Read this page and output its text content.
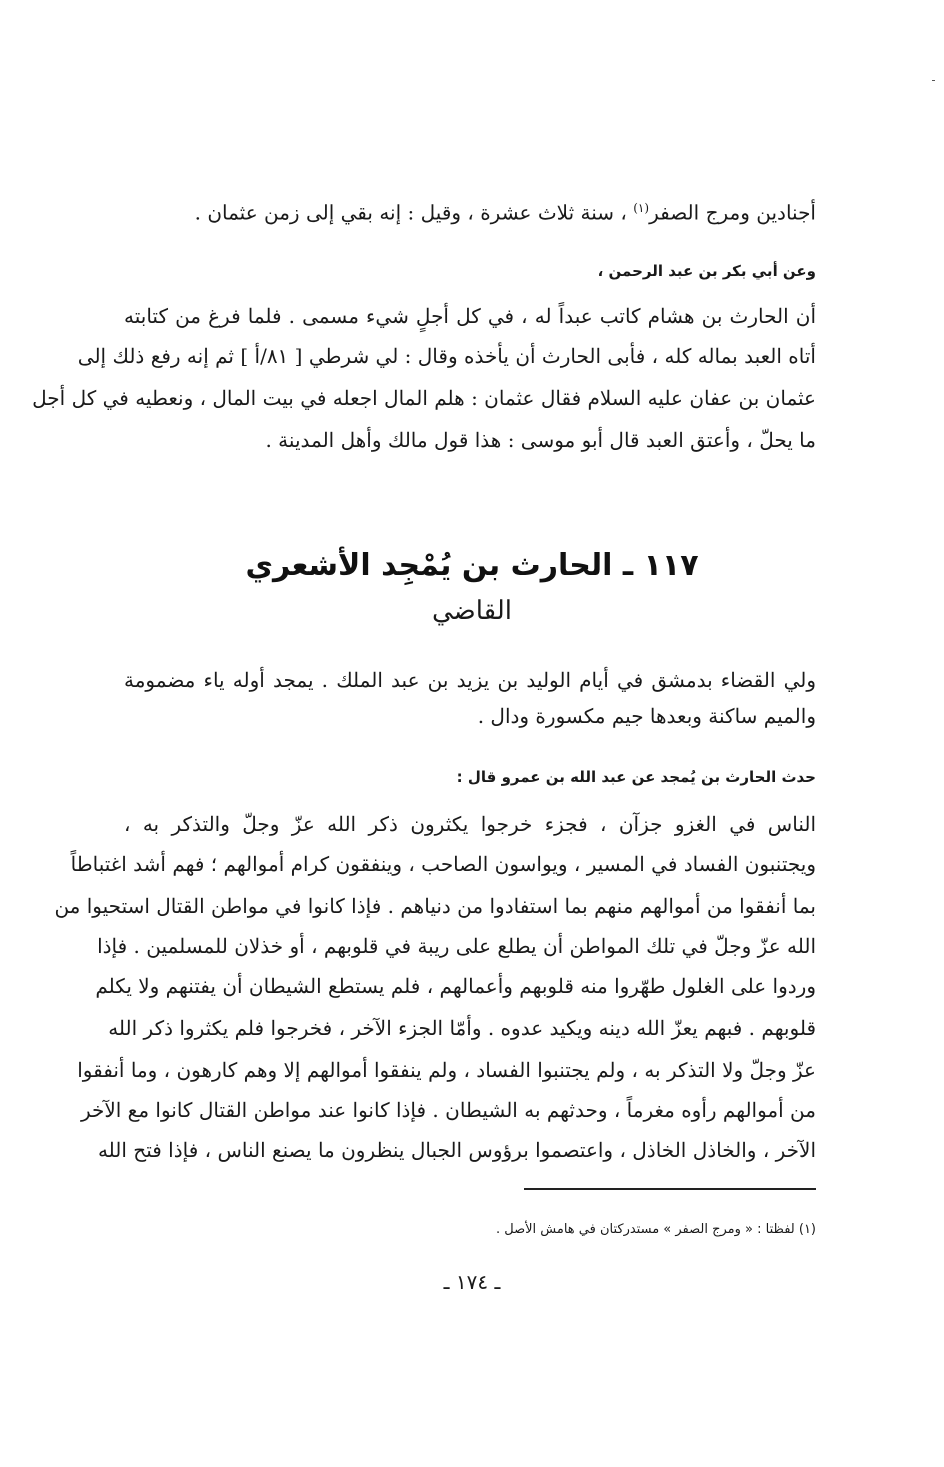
أجنادين ومرج الصفر$^{(١)}$ ، سنة ثلاث عشرة ، وقيل : إنه بقي إلى زمن عثمان .
وعن أبي بكر بن عبد الرحمن ،
أن الحارث بن هشام كاتب عبداً له ، في كل أجلٍ شيء مسمى . فلما فرغ من كتابته
أتاه العبد بماله كله ، فأبى الحارث أن يأخذه وقال : لي شرطي [ ٨١/أ ] ثم إنه رفع ذلك إلى
عثمان بن عفان عليه السلام فقال عثمان : هلم المال اجعله في بيت المال ، ونعطيه في كل أجل
ما يحلّ ، وأعتق العبد قال أبو موسى : هذا قول مالك وأهل المدينة .
١١٧ ـ الحارث بن يُمْجِد الأشعري
القاضي
ولي القضاء بدمشق في أيام الوليد بن يزيد بن عبد الملك . يمجد أوله ياء مضمومة
والميم ساكنة وبعدها جيم مكسورة ودال .
حدث الحارث بن يُمجد عن عبد الله بن عمرو قال :
الناس في الغزو جزآن ، فجزء خرجوا يكثرون ذكر الله عزّ وجلّ والتذكر به ،
ويجتنبون الفساد في المسير ، ويواسون الصاحب ، وينفقون كرام أموالهم ؛ فهم أشد اغتباطاً
بما أنفقوا من أموالهم منهم بما استفادوا من دنياهم . فإذا كانوا في مواطن القتال استحيوا من
الله عزّ وجلّ في تلك المواطن أن يطلع على ريبة في قلوبهم ، أو خذلان للمسلمين . فإذا
وردوا على الغلول طهّروا منه قلوبهم وأعمالهم ، فلم يستطع الشيطان أن يفتنهم ولا يكلم
قلوبهم . فبهم يعزّ الله دينه ويكيد عدوه . وأمّا الجزء الآخر ، فخرجوا فلم يكثروا ذكر الله
عزّ وجلّ ولا التذكر به ، ولم يجتنبوا الفساد ، ولم ينفقوا أموالهم إلا وهم كارهون ، وما أنفقوا
من أموالهم رأوه مغرماً ، وحدثهم به الشيطان . فإذا كانوا عند مواطن القتال كانوا مع الآخر
الآخر ، والخاذل الخاذل ، واعتصموا برؤوس الجبال ينظرون ما يصنع الناس ، فإذا فتح الله
(١) لفظتا : « ومرج الصفر » مستدركتان في هامش الأصل .
ـ ١٧٤ ـ
